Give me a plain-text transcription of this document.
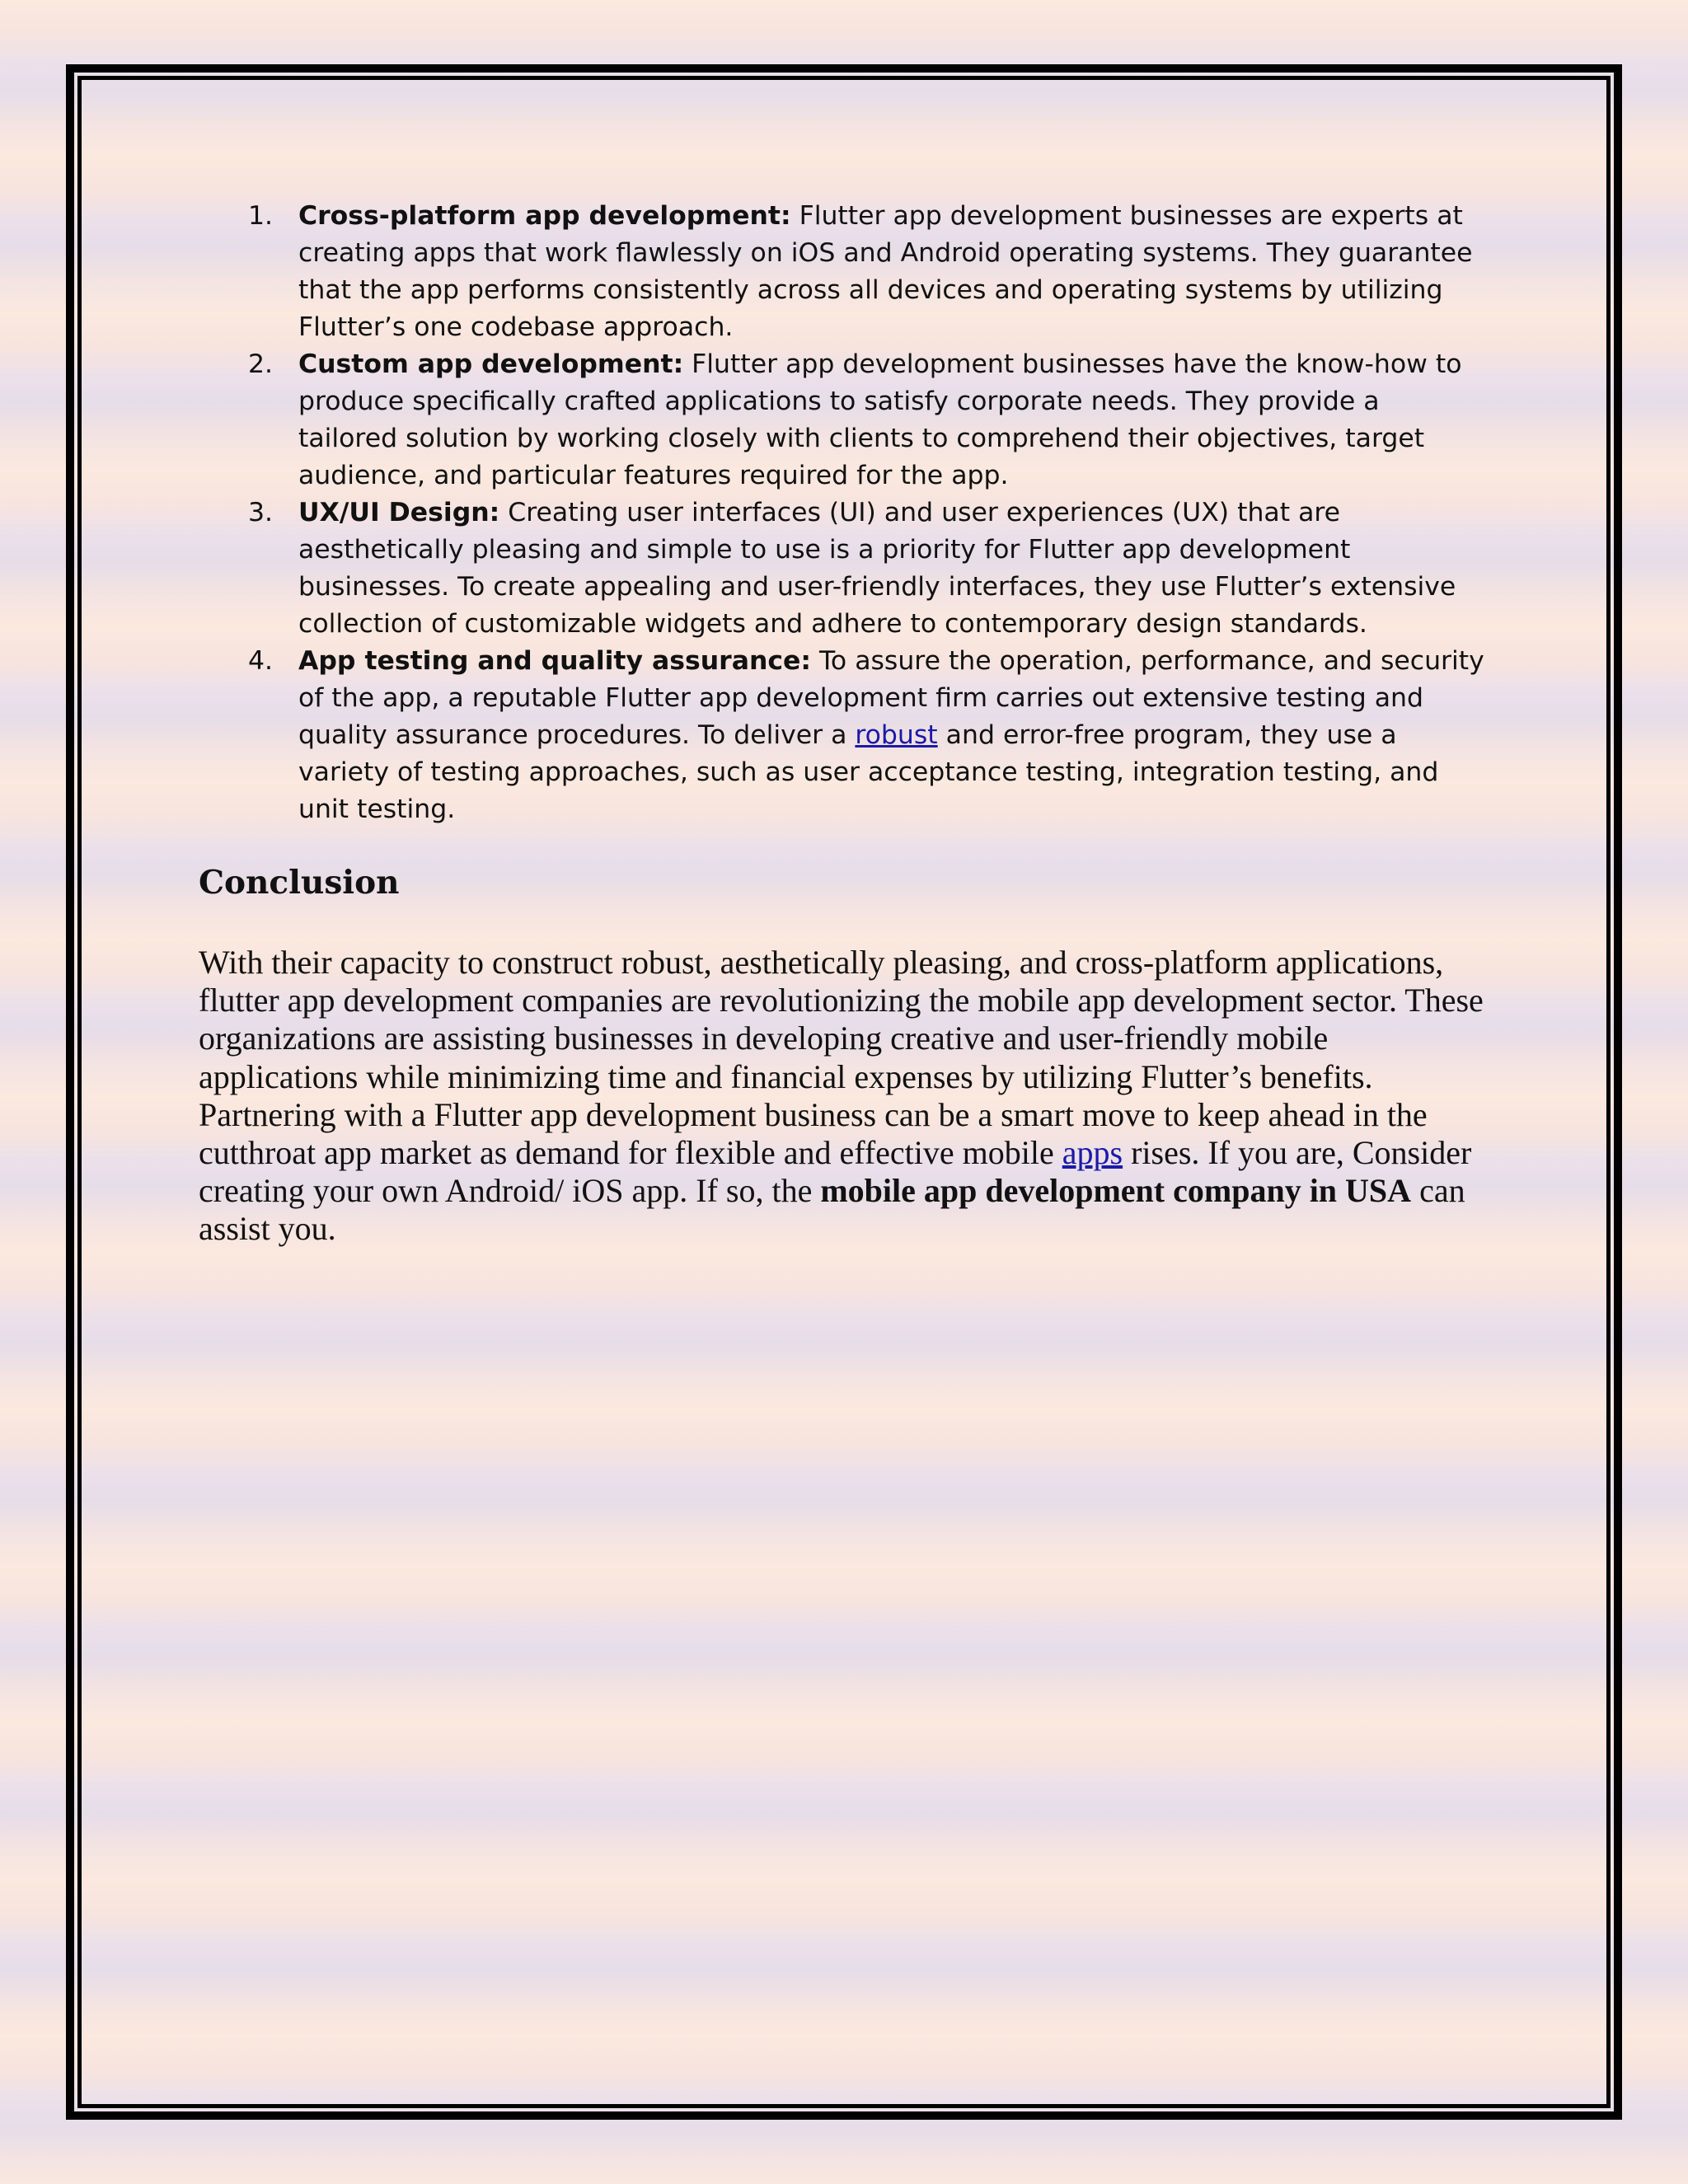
1. Cross-platform app development: Flutter app development businesses are experts at creating apps that work flawlessly on iOS and Android operating systems. They guarantee that the app performs consistently across all devices and operating systems by utilizing Flutter’s one codebase approach.
2. Custom app development: Flutter app development businesses have the know-how to produce specifically crafted applications to satisfy corporate needs. They provide a tailored solution by working closely with clients to comprehend their objectives, target audience, and particular features required for the app.
3. UX/UI Design: Creating user interfaces (UI) and user experiences (UX) that are aesthetically pleasing and simple to use is a priority for Flutter app development businesses. To create appealing and user-friendly interfaces, they use Flutter’s extensive collection of customizable widgets and adhere to contemporary design standards.
4. App testing and quality assurance: To assure the operation, performance, and security of the app, a reputable Flutter app development firm carries out extensive testing and quality assurance procedures. To deliver a robust and error-free program, they use a variety of testing approaches, such as user acceptance testing, integration testing, and unit testing.
Conclusion

With their capacity to construct robust, aesthetically pleasing, and cross-platform applications, flutter app development companies are revolutionizing the mobile app development sector. These organizations are assisting businesses in developing creative and user-friendly mobile applications while minimizing time and financial expenses by utilizing Flutter’s benefits. Partnering with a Flutter app development business can be a smart move to keep ahead in the cutthroat app market as demand for flexible and effective mobile apps rises. If you are, Consider creating your own Android/ iOS app. If so, the mobile app development company in USA can assist you.
